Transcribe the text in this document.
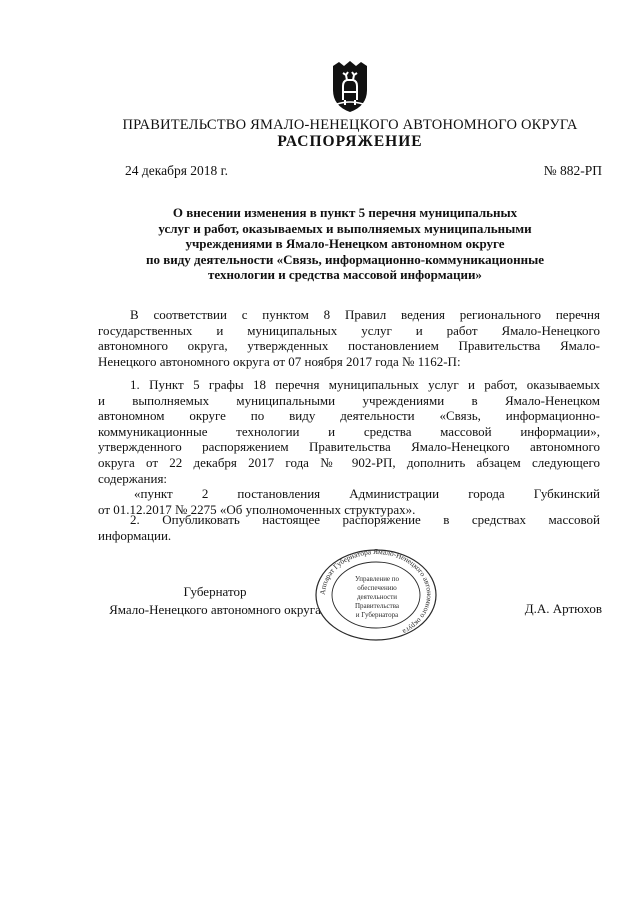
ПРАВИТЕЛЬСТВО ЯМАЛО-НЕНЕЦКОГО АВТОНОМНОГО ОКРУГА
РАСПОРЯЖЕНИЕ
24 декабря 2018 г.	№ 882-РП
О внесении изменения в пункт 5 перечня муниципальных
услуг и работ, оказываемых и выполняемых муниципальными
учреждениями в Ямало-Ненецком автономном округе
по виду деятельности «Связь, информационно-коммуникационные
технологии и средства массовой информации»
В соответствии с пунктом 8 Правил ведения регионального перечня
государственных и муниципальных услуг и работ Ямало-Ненецкого
автономного округа, утвержденных постановлением Правительства Ямало-
Ненецкого автономного округа от 07 ноября 2017 года № 1162-П:
1. Пункт 5 графы 18 перечня муниципальных услуг и работ, оказываемых
и выполняемых муниципальными учреждениями в Ямало-Ненецком
автономном округе по виду деятельности «Связь, информационно-
коммуникационные технологии и средства массовой информации»,
утвержденного распоряжением Правительства Ямало-Ненецкого автономного
округа от 22 декабря 2017 года № 902-РП, дополнить абзацем следующего
содержания:
«пункт 2 постановления Администрации города Губкинский
от 01.12.2017 № 2275 «Об уполномоченных структурах».
2. Опубликовать настоящее распоряжение в средствах массовой
информации.
Губернатор
Ямало-Ненецкого автономного округа	Д.А. Артюхов
Аппарат Губернатора Ямало-Ненецкого автономного округа
Управление по
обеспечению
деятельности
Правительства
и Губернатора
